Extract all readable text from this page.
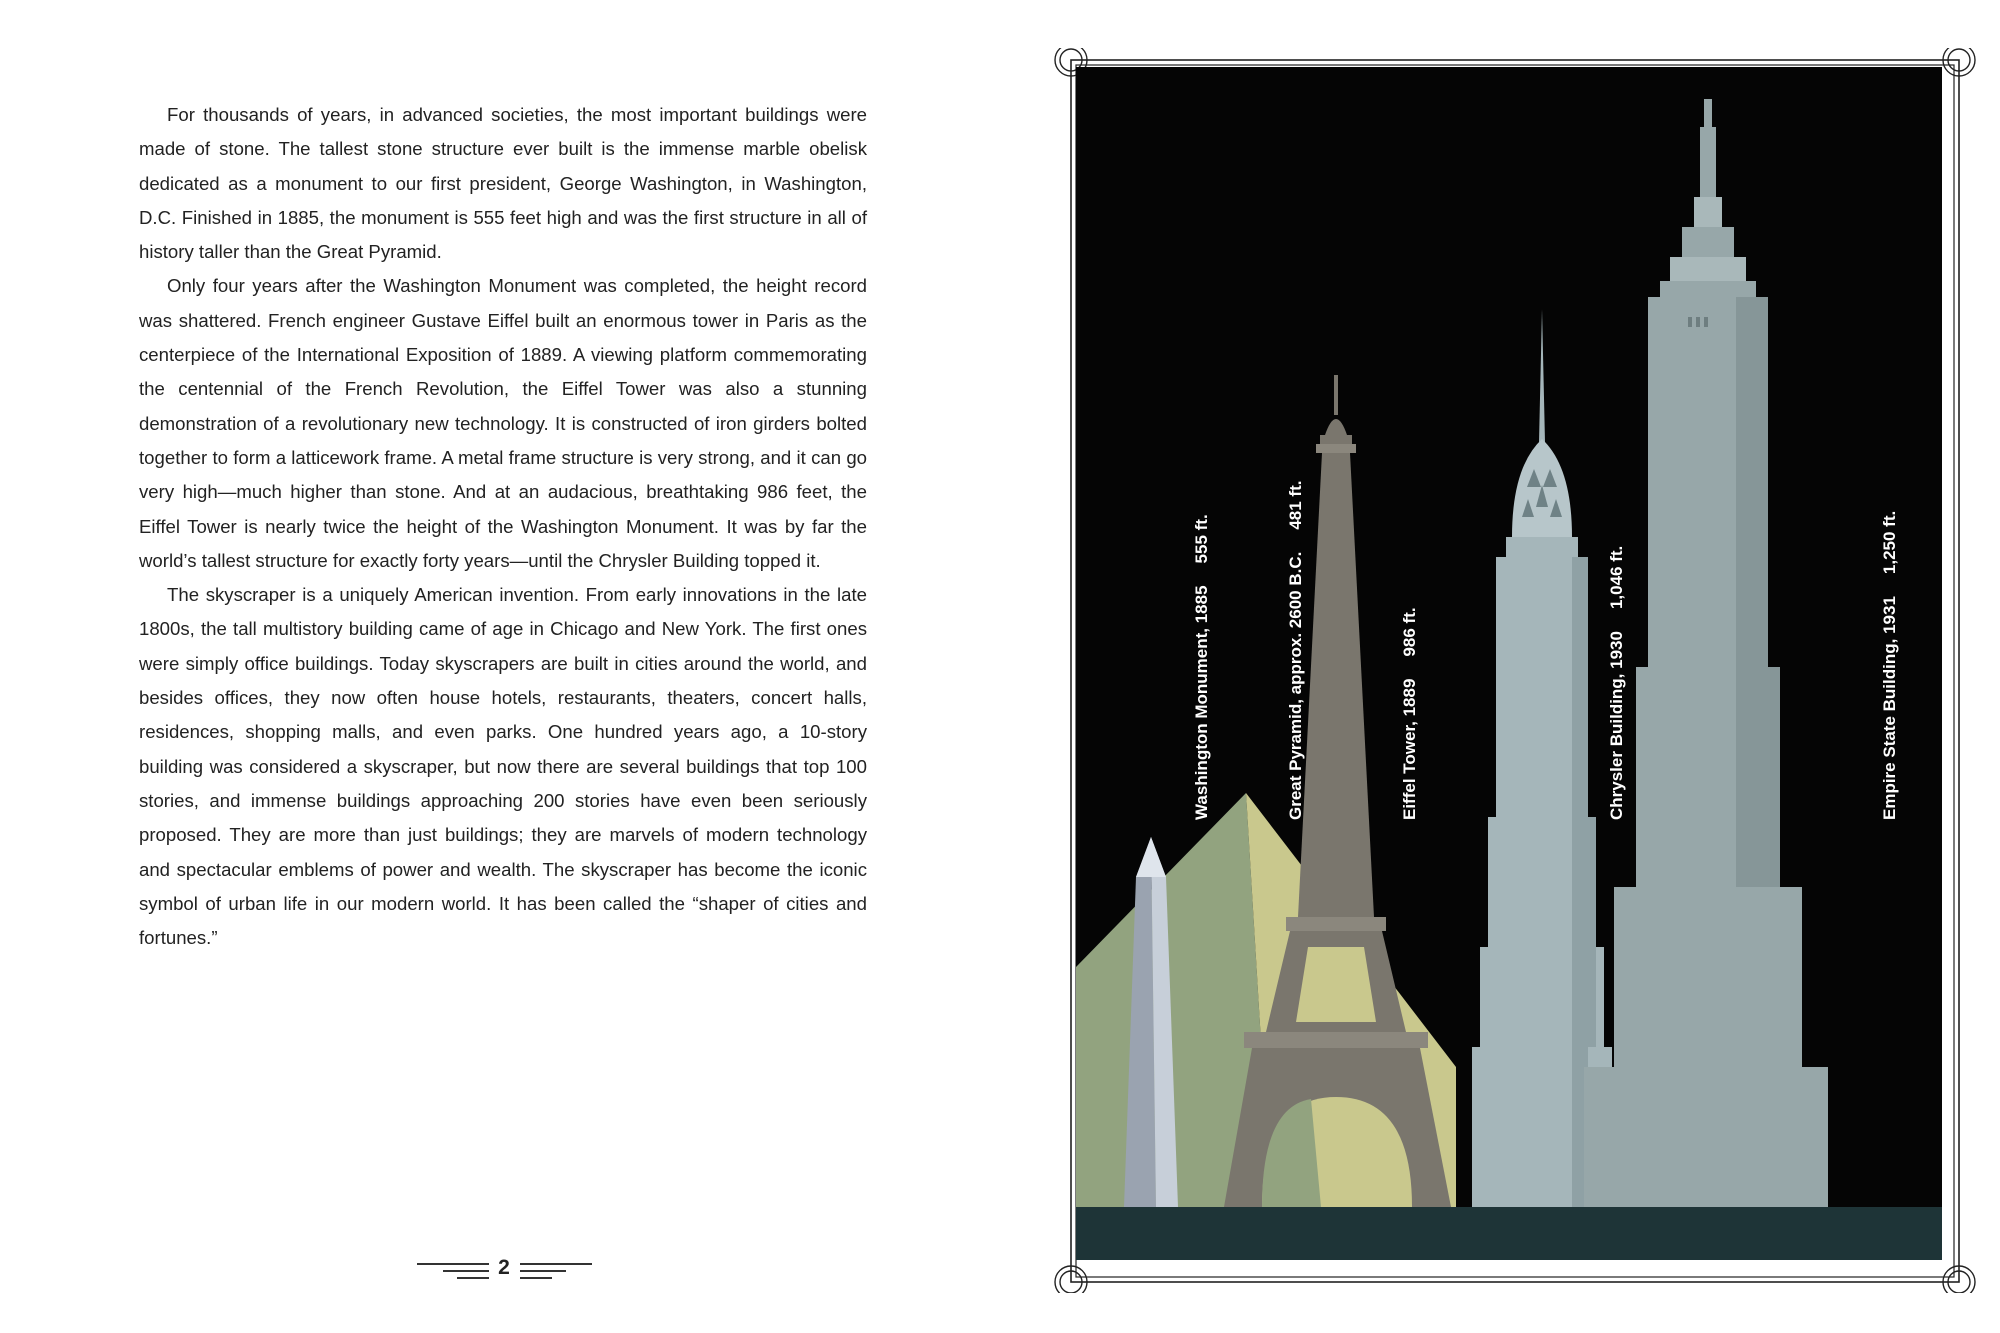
For thousands of years, in advanced societies, the most important buildings were made of stone. The tallest stone structure ever built is the immense marble obelisk dedicated as a monument to our first president, George Washington, in Washington, D.C. Finished in 1885, the monument is 555 feet high and was the first structure in all of history taller than the Great Pyramid.

Only four years after the Washington Monument was completed, the height record was shattered. French engineer Gustave Eiffel built an enormous tower in Paris as the centerpiece of the International Exposition of 1889. A viewing platform commemorating the centennial of the French Revolution, the Eiffel Tower was also a stunning demonstration of a revolutionary new technology. It is constructed of iron girders bolted together to form a latticework frame. A metal frame structure is very strong, and it can go very high—much higher than stone. And at an audacious, breathtaking 986 feet, the Eiffel Tower is nearly twice the height of the Washington Monument. It was by far the world’s tallest structure for exactly forty years—until the Chrysler Building topped it.

The skyscraper is a uniquely American invention. From early innovations in the late 1800s, the tall multistory building came of age in Chicago and New York. The first ones were simply office buildings. Today skyscrapers are built in cities around the world, and besides offices, they now often house hotels, restaurants, theaters, concert halls, residences, shopping malls, and even parks. One hundred years ago, a 10-story building was considered a skyscraper, but now there are several buildings that top 100 stories, and immense buildings approaching 200 stories have even been seriously proposed. They are more than just buildings; they are marvels of modern technology and spectacular emblems of power and wealth. The skyscraper has become the iconic symbol of urban life in our modern world. It has been called the “shaper of cities and fortunes.”

2
Washington Monument, 1885555 ft.
Great Pyramid, approx. 2600 B.C.481 ft.
Eiffel Tower, 1889986 ft.	Chrysler Building, 19301,046 ft.
Empire State Building, 19311,250 ft.
